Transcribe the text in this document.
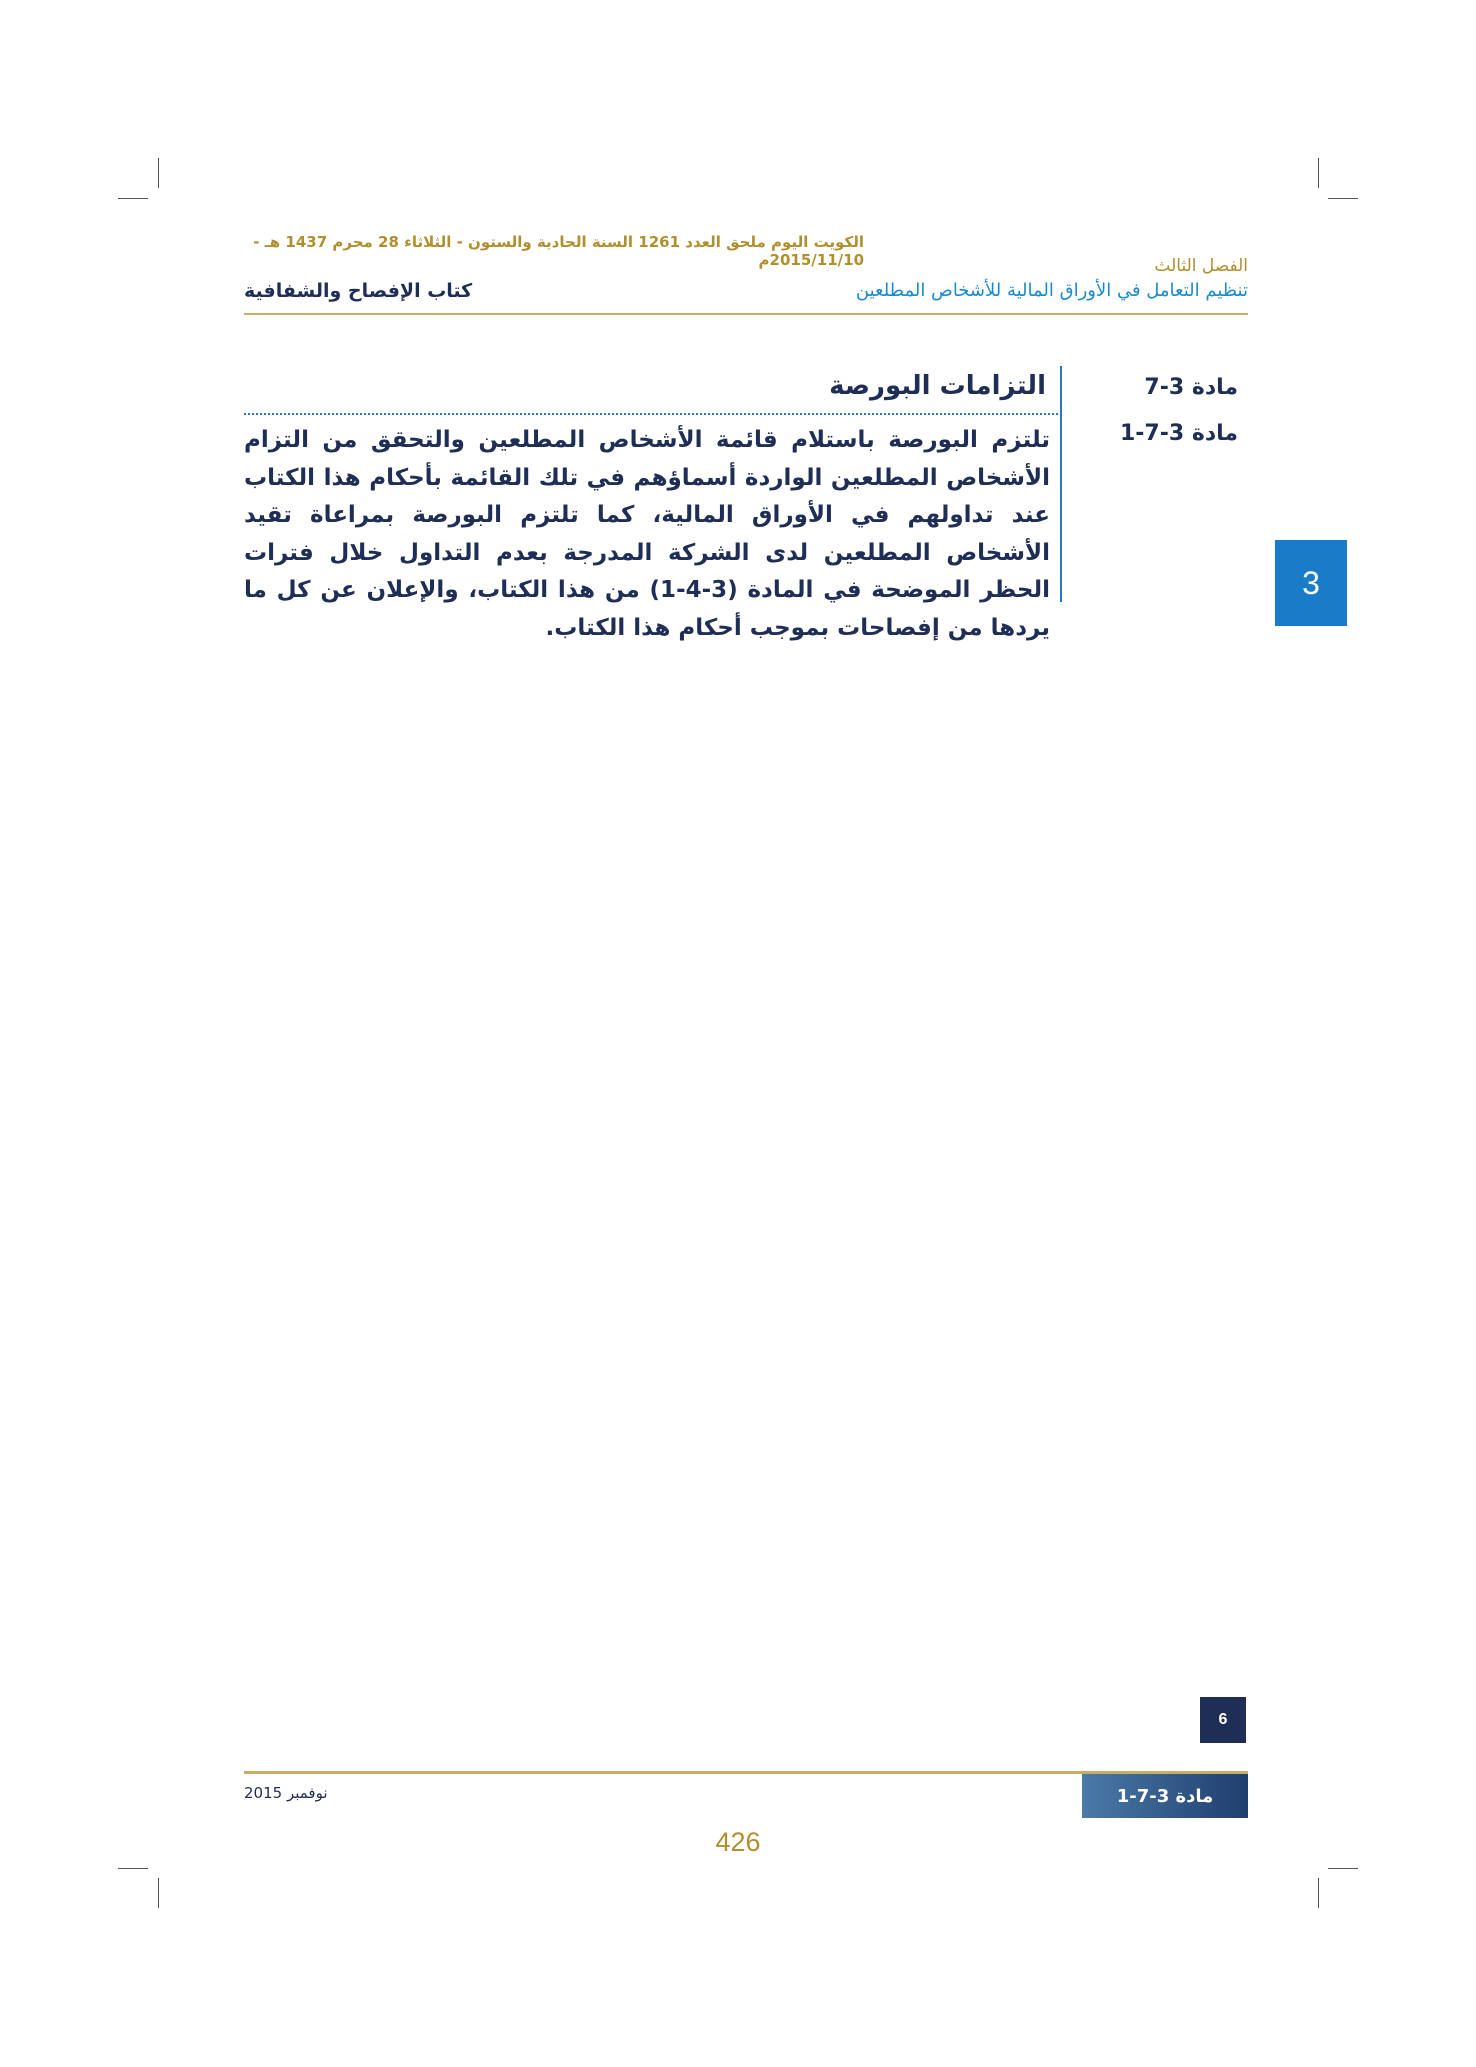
الكويت اليوم ملحق العدد 1261 السنة الحادية والستون - الثلاثاء 28 محرم 1437 هـ - 2015/11/10م	الفصل الثالث
تنظيم التعامل في الأوراق المالية للأشخاص المطلعين
كتاب الإفصاح والشفافية
مادة 3-7
مادة 3-7-1
التزامات البورصة
تلتزم البورصة باستلام قائمة الأشخاص المطلعين والتحقق من التزام الأشخاص المطلعين الواردة أسماؤهم في تلك القائمة بأحكام هذا الكتاب عند تداولهم في الأوراق المالية، كما تلتزم البورصة بمراعاة تقيد الأشخاص المطلعين لدى الشركة المدرجة بعدم التداول خلال فترات الحظر الموضحة في المادة (3-4-1) من هذا الكتاب، والإعلان عن كل ما يردها من إفصاحات بموجب أحكام هذا الكتاب.
3
6
مادة 3-7-1
نوفمبر 2015
426
